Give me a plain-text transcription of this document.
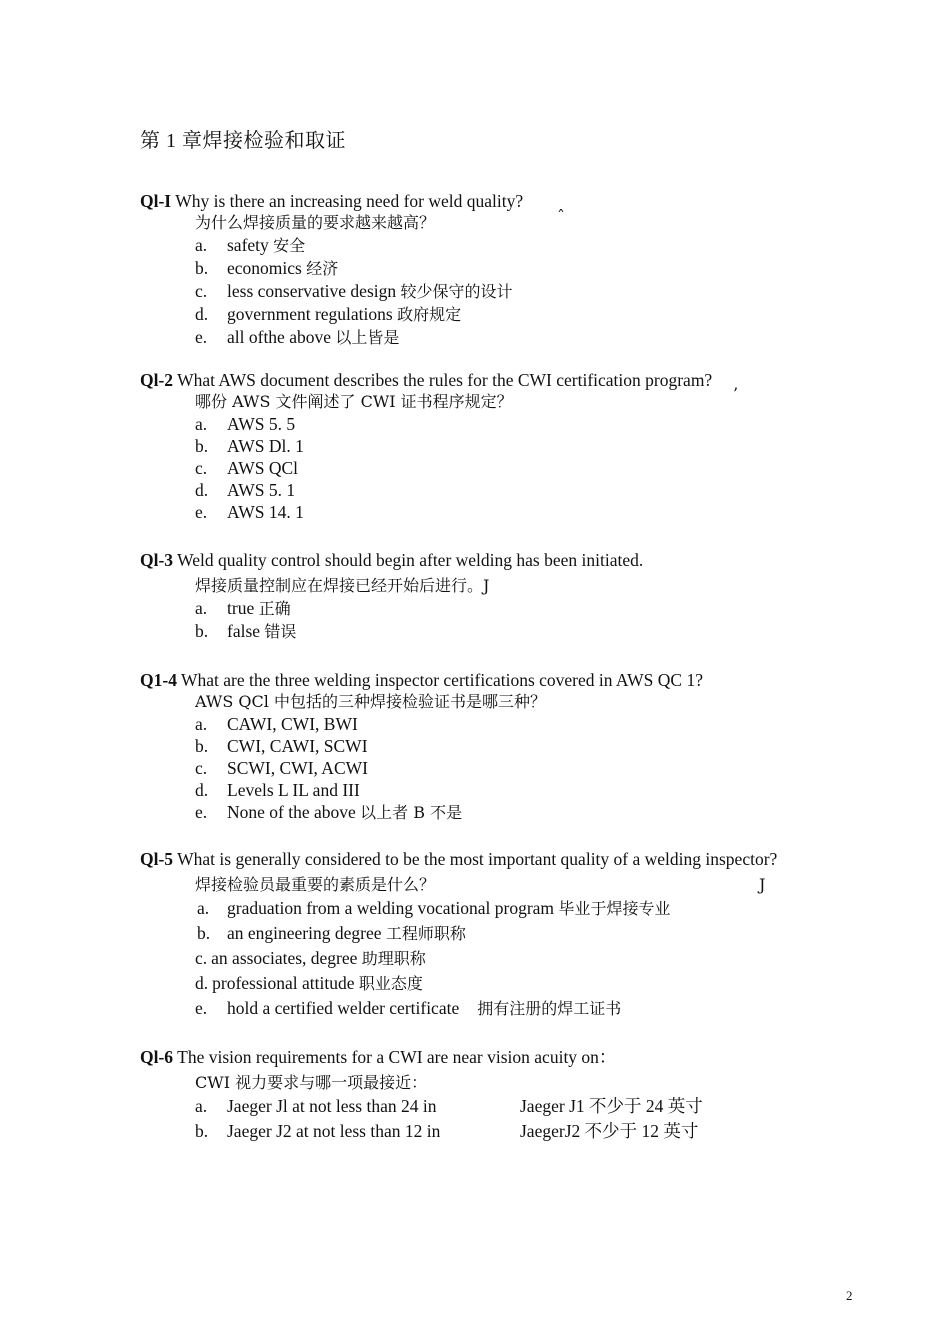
第 1 章焊接检验和取证
Ql-I Why is there an increasing need for weld quality?
为什么焊接质量的要求越来越高？	ˆ
a. safety 安全
b. economics 经济
c. less conservative design 较少保守的设计
d. government regulations 政府规定
e. all ofthe above 以上皆是
Ql-2 What AWS document describes the rules for the CWI certification program?
哪份 AWS 文件阐述了 CWI 证书程序规定？	’
a. AWS 5. 5
b. AWS Dl. 1
c. AWS QCl
d. AWS 5. 1
e. AWS 14. 1
Ql-3 Weld quality control should begin after welding has been initiated.
焊接质量控制应在焊接已经开始后进行。J
a. true 正确
b. false 错误
Q1-4 What are the three welding inspector certifications covered in AWS QC 1?
AWS QCl 中包括的三种焊接检验证书是哪三种？
a. CAWI, CWI, BWI
b. CWI, CAWI, SCWI
c. SCWI, CWI, ACWI
d. Levels L IL and III
e. None of the above 以上者 B 不是
Ql-5 What is generally considered to be the most important quality of a welding inspector?
焊接检验员最重要的素质是什么？	J
a. graduation from a welding vocational program 毕业于焊接专业
b. an engineering degree 工程师职称
c. an associates, degree 助理职称
d. professional attitude 职业态度
e. hold a certified welder certificate 拥有注册的焊工证书
Ql-6 The vision requirements for a CWI are near vision acuity on：
CWI 视力要求与哪一项最接近：
a. Jaeger Jl at not less than 24 in	Jaeger J1 不少于 24 英寸
b. Jaeger J2 at not less than 12 in	JaegerJ2 不少于 12 英寸
2
